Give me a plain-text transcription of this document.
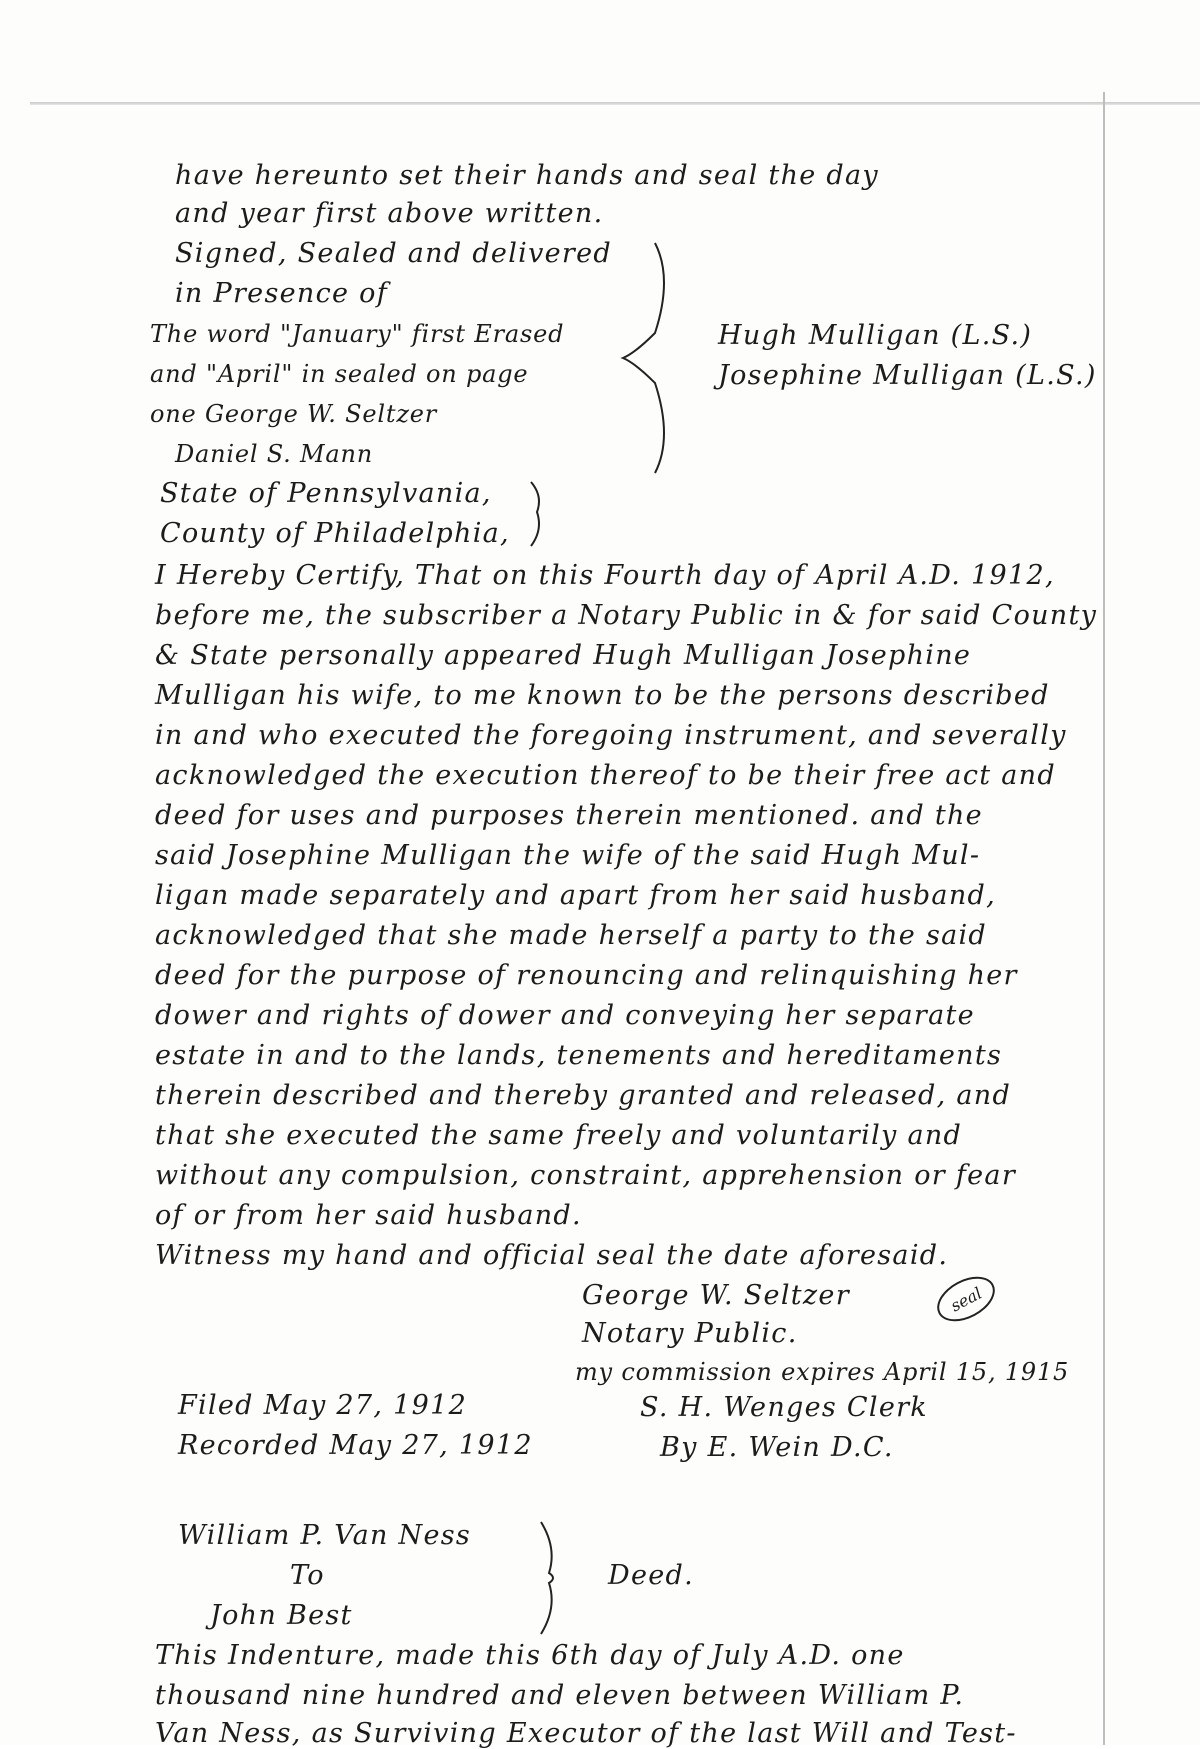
have hereunto set their hands and seal the day
and year first above written.
Signed, Sealed and delivered
in Presence of
The word "January" first Erased
and "April" in sealed on page
one George W. Seltzer
Daniel S. Mann
Hugh Mulligan (L.S.)
Josephine Mulligan (L.S.)
State of Pennsylvania,
County of Philadelphia,
I Hereby Certify, That on this Fourth day of April A.D. 1912,
before me, the subscriber a Notary Public in & for said County
& State personally appeared Hugh Mulligan Josephine
Mulligan his wife, to me known to be the persons described
in and who executed the foregoing instrument, and severally
acknowledged the execution thereof to be their free act and
deed for uses and purposes therein mentioned. and the
said Josephine Mulligan the wife of the said Hugh Mul-
ligan made separately and apart from her said husband,
acknowledged that she made herself a party to the said
deed for the purpose of renouncing and relinquishing her
dower and rights of dower and conveying her separate
estate in and to the lands, tenements and hereditaments
therein described and thereby granted and released, and
that she executed the same freely and voluntarily and
without any compulsion, constraint, apprehension or fear
of or from her said husband.
Witness my hand and official seal the date aforesaid.
George W. Seltzer	seal
Notary Public.
my commission expires April 15, 1915
Filed May 27, 1912
Recorded May 27, 1912
S. H. Wenges Clerk
By E. Wein D.C.
William P. Van Ness
To
John Best
Deed.
This Indenture, made this 6th day of July A.D. one
thousand nine hundred and eleven between William P.
Van Ness, as Surviving Executor of the last Will and Test-
